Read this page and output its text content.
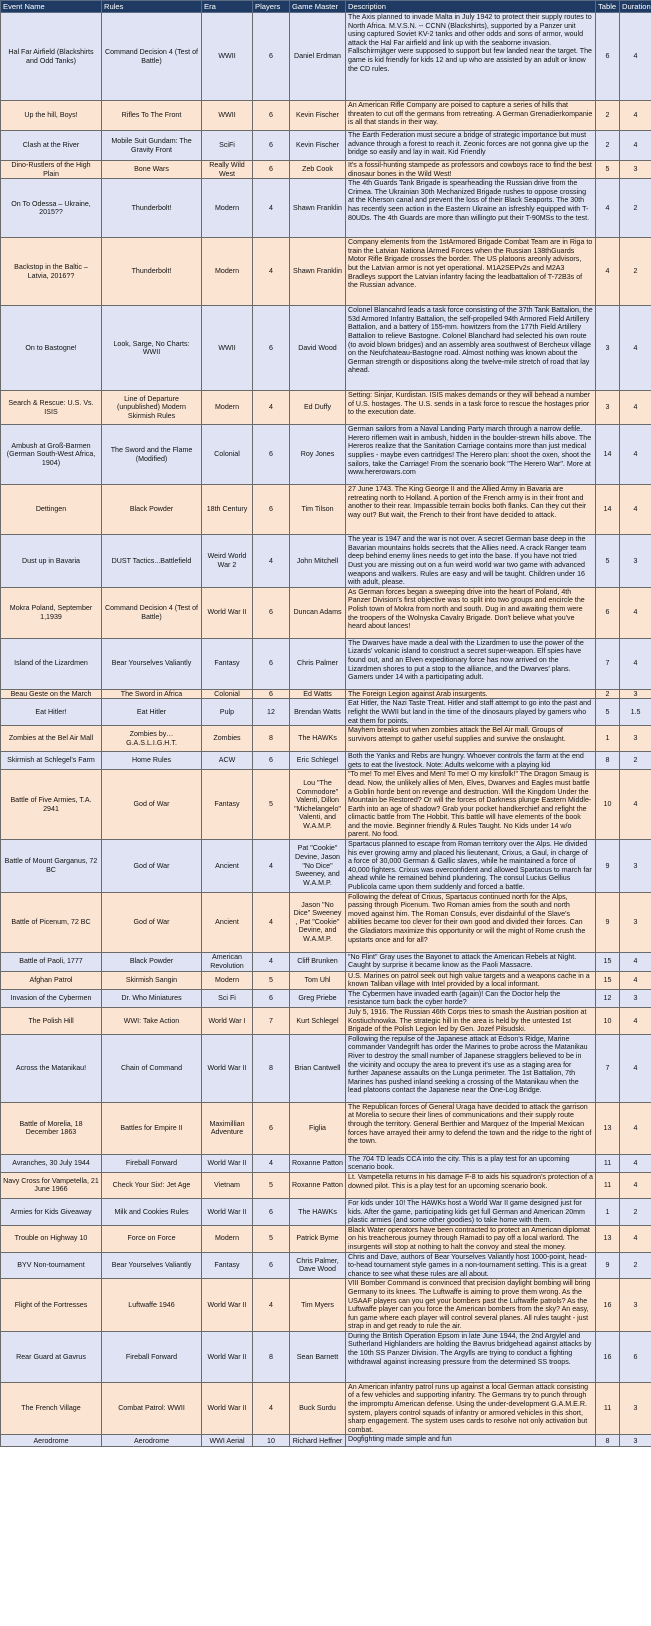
Event Name	Rules	Era	Players	Game Master	Description	Table	Duration
Hal Far Airfield (Blackshirts and Odd Tanks)	Command Decision 4 (Test of Battle)	WWII	6	Daniel Erdman	The Axis planned to invade Malta in July 1942 to protect their supply routes to North Africa. M.V.S.N. -- CCNN (Blackshirts), supported by a Panzer unit using captured Soviet KV-2 tanks and other odds and sons of armor, would attack the Hal Far airfield and link up with the seaborne invasion. Fallschirmjäger were supposed to support but few landed near the target. The game is kid friendly for kids 12 and up who are assisted by an adult or know the CD rules.	6	4
Up the hill, Boys!	Rifles To The Front	WWII	6	Kevin Fischer	An American Rifle Company are poised to capture a series of hills that threaten to cut off the germans from retreating. A German Grenadierkompanie is all that stands in their way.	2	4
Clash at the River	Mobile Suit Gundam: The Gravity Front	SciFi	6	Kevin Fischer	The Earth Federation must secure a bridge of strategic importance but must advance through a forest to reach it. Zeonic forces are not gonna give up the bridge so easily and lay in wait. Kid Friendly	2	4
Dino-Rustlers of the High Plain	Bone Wars	Really Wild West	6	Zeb Cook	It's a fossil-hunting stampede as professors and cowboys race to find the best dinosaur bones in the Wild West!	5	3
On To Odessa – Ukraine, 2015??	Thunderbolt!	Modern	4	Shawn Franklin	The 4th Guards Tank Brigade is spearheading the Russian drive from the Crimea. The Ukrainian 30th Mechanized Brigade rushes to oppose crossing at the Kherson canal and prevent the loss of their Black Seaports. The 30th has recently seen action in the Eastern Ukraine an isfreshly equipped with T-80UDs. The 4th Guards are more than willingto put their T-90MSs to the test.	4	2
Backstop in the Baltic – Latvia, 2016??	Thunderbolt!	Modern	4	Shawn Franklin	Company elements from the 1stArmored Brigade Combat Team are in Riga to train the Latvian Nationa lArmed Forces when the Russian 138thGuards Motor Rifle Brigade crosses the border. The US platoons areonly advisors, but the Latvian armor is not yet operational. M1A2SEPv2s and M2A3 Bradleys support the Latvian infantry facing the leadbattalion of T-72B3s of the Russian advance.	4	2
On to Bastogne!	Look, Sarge, No Charts: WWII	WWII	6	David Wood	Colonel Blancahrd leads a task force consisting of the 37th Tank Battalion, the 53d Armored Infantry Battalion, the self-propelled 94th Armored Field Artillery Battalion, and a battery of 155-mm. howitzers from the 177th Field Artillery Battalion to relieve Bastogne. Colonel Blanchard had selected his own route (to avoid blown bridges) and an assembly area southwest of Bercheux village on the Neufchateau-Bastogne road. Almost nothing was known about the German strength or dispositions along the twelve-mile stretch of road that lay ahead.	3	4
Search & Rescue: U.S. Vs. ISIS	Line of Departure (unpublished) Modern Skirmish Rules	Modern	4	Ed Duffy	Setting: Sinjar, Kurdistan. ISIS makes demands or they will behead a number of U.S. hostages. The U.S. sends in a task force to rescue the hostages prior to the execution date.	3	4
Ambush at Groß-Barmen (German South-West Africa, 1904)	The Sword and the Flame (Modified)	Colonial	6	Roy Jones	German sailors from a Naval Landing Party march through a narrow defile. Herero riflemen wait in ambush, hidden in the boulder-strewn hills above. The Hereros realize that the Sanitation Carriage contains more than just medical supplies - maybe even cartridges! The Herero plan: shoot the oxen, shoot the sailors, take the Carriage! From the scenario book "The Herero War". More at www.hererowars.com	14	4
Dettingen	Black Powder	18th Century	6	Tim Tilson	27 June 1743. The King George II and the Allied Army in Bavaria are retreating north to Holland. A portion of the French army is in their front and another to their rear. Impassible terrain bocks both flanks. Can they cut their way out? But wait, the French to their front have decided to attack.	14	4
Dust up in Bavaria	DUST Tactics...Battlefield	Weird World War 2	4	John Mitchell	The year is 1947 and the war is not over. A secret German base deep in the Bavarian mountains holds secrets that the Allies need. A crack Ranger team deep behind enemy lines needs to get into the base. If you have not tried Dust you are missing out on a fun weird world war two game with advanced weapons and walkers. Rules are easy and will be taught. Children under 16 with adult, please.	5	3
Mokra Poland, September 1,1939	Command Decision 4 (Test of Battle)	World War II	6	Duncan Adams	As German forces began a sweeping drive into the heart of Poland, 4th Panzer Division's first objective was to split into two groups and encircle the Polish town of Mokra from north and south. Dug in and awaiting them were the troopers of the Wolnyska Cavalry Brigade. Don't believe what you've heard about lances!	6	4
Island of the Lizardmen	Bear Yourselves Valiantly	Fantasy	6	Chris Palmer	The Dwarves have made a deal with the Lizardmen to use the power of the Lizards' volcanic island to construct a secret super-weapon. Elf spies have found out, and an Elven expeditionary force has now arrived on the Lizardmen shores to put a stop to the alliance, and the Dwarves' plans. Gamers under 14 with a participating adult.	7	4
Beau Geste on the March	The Sword in Africa	Colonial	6	Ed Watts	The Foreign Legion against Arab insurgents.	2	3
Eat Hitler!	Eat Hitler	Pulp	12	Brendan Watts	Eat Hitler, the Nazi Taste Treat. Hitler and staff attempt to go into the past and refight the WWII but land in the time of the dinosaurs played by gamers who eat them for points.	5	1.5
Zombies at the Bel Air Mall	Zombies by… G.A.S.L.I.G.H.T.	Zombies	8	The HAWKs	Mayhem breaks out when zombies attack the Bel Air mall. Groups of survivors attempt to gather useful supplies and survive the onslaught.	1	3
Skirmish at Schlegel's Farm	Home Rules	ACW	6	Eric Schlegel	Both the Yanks and Rebs are hungry. Whoever controls the farm at the end gets to eat the livestock. Note: Adults welcome with a playing kid	8	2
Battle of Five Armies, T.A. 2941	God of War	Fantasy	5	Lou "The Commodore" Valenti, Dillon "Michelangelo" Valenti, and W.A.M.P.	"To me! To me! Elves and Men! To me! O my kinsfolk!" The Dragon Smaug is dead. Now, the unlikely allies of Men, Elves, Dwarves and Eagles must battle a Goblin horde bent on revenge and destruction. Will the Kingdom Under the Mountain be Restored? Or will the forces of Darkness plunge Eastern Middle-Earth into an age of shadow? Grab your pocket handkerchief and refight the climactic battle from The Hobbit. This battle will have elements of the book and the movie. Beginner friendly & Rules Taught. No Kids under 14 w/o parent. No food.	10	4
Battle of Mount Garganus, 72 BC	God of War	Ancient	4	Pat "Cookie" Devine, Jason "No Dice" Sweeney, and W.A.M.P.	Spartacus planned to escape from Roman territory over the Alps. He divided his ever growing army and placed his lieutenant, Crixus, a Gaul, in charge of a force of 30,000 German & Gallic slaves, while he maintained a force of 40,000 fighters. Crixus was overconfident and allowed Spartacus to march far ahead while he remained behind plundering. The consul Lucius Gellius Publicola came upon them suddenly and forced a battle.	9	3
Battle of Picenum, 72 BC	God of War	Ancient	4	Jason "No Dice" Sweeney , Pat "Cookie" Devine, and W.A.M.P.	Following the defeat of Crixus, Spartacus continued north for the Alps, passing through Picenum. Two Roman amies from the south and north moved against him. The Roman Consuls, ever disdainful of the Slave's abilities became too clever for their own good and divided their forces. Can the Gladiators maximize this opportunity or will the might of Rome crush the upstarts once and for all?	9	3
Battle of Paoli, 1777	Black Powder	American Revolution	4	Cliff Brunken	"No Flint" Gray uses the Bayonet to attack the American Rebels at Night. Caught by surprise it became know as the Paoli Massacre.	15	4
Afghan Patrol	Skirmish Sangin	Modern	5	Tom Uhl	U.S. Marines on patrol seek out high value targets and a weapons cache in a known Taliban village with Intel provided by a local informant.	15	4
Invasion of the Cybermen	Dr. Who Miniatures	Sci Fi	6	Greg Priebe	The Cybermen have invaded earth (again)! Can the Doctor help the resistance turn back the cyber horde?	12	3
The Polish Hill	WWI: Take Action	World War I	7	Kurt Schlegel	July 5, 1916. The Russian 46th Corps tries to smash the Austrian position at Kostiuchnowka. The strategic hill in the area is held by the untested 1st Brigade of the Polish Legion led by Gen. Jozef Pilsudski.	10	4
Across the Matanikau!	Chain of Command	World War II	8	Brian Cantwell	Following the repulse of the Japanese attack at Edson's Ridge, Marine commander Vandegrift has order the Marines to probe across the Matanikau River to destroy the small number of Japanese stragglers believed to be in the vicinity and occupy the area to prevent it's use as a staging area for further Japanese assaults on the Lunga perimeter. The 1st Battalion, 7th Marines has pushed inland seeking a crossing of the Matanikau when the lead platoons contact the Japanese near the One-Log Bridge.	7	4
Battle of Morelia, 18 December 1863	Battles for Empire II	Maximillian Adventure	6	Figlia	The Republican forces of General Uraga have decided to attack the garrison at Morelia to secure their lines of communications and their supply route through the territory. General Berthier and Marquez of the Imperial Mexican forces have arrayed their army to defend the town and the ridge to the right of the town.	13	4
Avranches, 30 July 1944	Fireball Forward	World War II	4	Roxanne Patton	The 704 TD leads CCA into the city. This is a play test for an upcoming scenario book.	11	4
Navy Cross for Vampetella, 21 June 1966	Check Your Six!: Jet Age	Vietnam	5	Roxanne Patton	Lt. Vampetella returns in his damage F-8 to aids his squadron's protection of a downed pilot. This is a play test for an upcoming scenario book.	11	4
Armies for Kids Giveaway	Milk and Cookies Rules	World War II	6	The HAWKs	For kids under 10! The HAWKs host a World War II game designed just for kids. After the game, participating kids get full German and American 20mm plastic armies (and some other goodies) to take home with them.	1	2
Trouble on Highway 10	Force on Force	Modern	5	Patrick Byrne	Black Water operators have been contracted to protect an American diplomat on his treacherous journey through Ramadi to pay off a local warlord. The insurgents will stop at nothing to halt the convoy and steal the money.	13	4
BYV Non-tournament	Bear Yourselves Valiantly	Fantasy	6	Chris Palmer, Dave Wood	Chris and Dave, authors of Bear Yourselves Valiantly host 1000-point, head-to-head tournament style games in a non-tournament setting. This is a great chance to see what these rules are all about.	9	2
Flight of the Fortresses	Luftwaffe 1946	World War II	4	Tim Myers	VIII Bomber Command is convinced that precision daylight bombing will bring Germany to its knees. The Luftwaffe is aiming to prove them wrong. As the USAAF players can you get your bombers past the Luftwaffe patrols? As the Luftwaffe player can you force the American bombers from the sky? An easy, fun game where each player will control several planes. All rules taught - just strap in and get ready to rule the air.	16	3
Rear Guard at Gavrus	Fireball Forward	World War II	8	Sean Barnett	During the British Operation Epsom in late June 1944, the 2nd Argylel and Sutherland Highlanders are holding the Bavrus bridgehead against attacks by the 10th SS Panzer Division. The Argylls are trying to conduct a fighting withdrawal against increasing pressure from the determined SS troops.	16	6
The French Village	Combat Patrol: WWII	World War II	4	Buck Surdu	An American infantry patrol runs up against a local German attack consisting of a few vehicles and supporting infantry. The Germans try to punch through the impromptu American defense. Using the under-development G.A.M.E.R. system, players control squads of infantry or armored vehicles in this short, sharp engagement. The system uses cards to resolve not only activation but combat.	11	3
Aerodrome	Aerodrome	WWI Aerial	10	Richard Heffner	Dogfighting made simple and fun	8	3
